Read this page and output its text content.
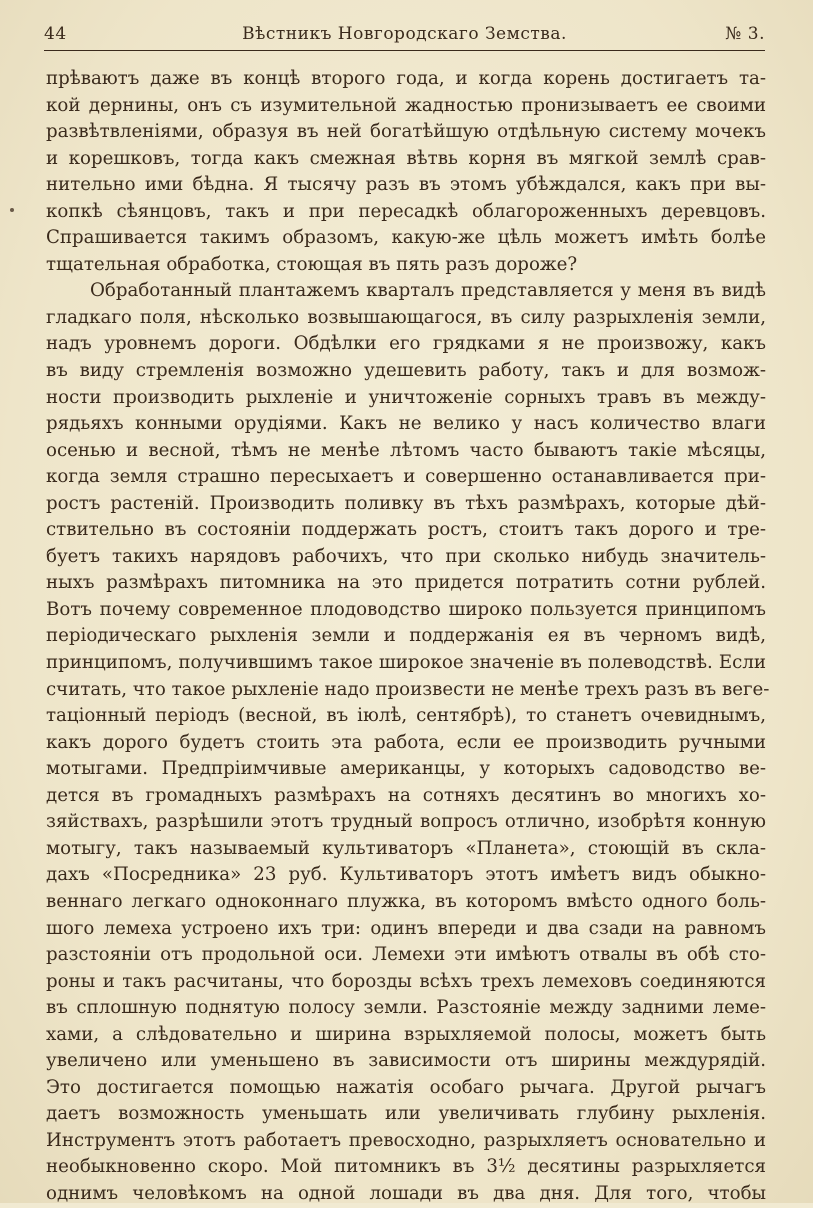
44	Вѣстникъ Новгородскаго Земства.	№ 3.
прѣваютъ даже въ концѣ второго года, и когда корень достигаетъ та-
кой дернины, онъ съ изумительной жадностью пронизываетъ ее своими
развѣтвленіями, образуя въ ней богатѣйшую отдѣльную систему мочекъ
и корешковъ, тогда какъ смежная вѣтвь корня въ мягкой землѣ срав-
нительно ими бѣдна. Я тысячу разъ въ этомъ убѣждался, какъ при вы-
копкѣ сѣянцовъ, такъ и при пересадкѣ облагороженныхъ деревцовъ.
Спрашивается такимъ образомъ, какую-же цѣль можетъ имѣть болѣе
тщательная обработка, стоющая въ пять разъ дороже?
Обработанный плантажемъ кварталъ представляется у меня въ видѣ
гладкаго поля, нѣсколько возвышающагося, въ силу разрыхленія земли,
надъ уровнемъ дороги. Обдѣлки его грядками я не произвожу, какъ
въ виду стремленія возможно удешевить работу, такъ и для возмож-
ности производить рыхленіе и уничтоженіе сорныхъ травъ въ между-
рядьяхъ конными орудіями. Какъ не велико у насъ количество влаги
осенью и весной, тѣмъ не менѣе лѣтомъ часто бываютъ такіе мѣсяцы,
когда земля страшно пересыхаетъ и совершенно останавливается при-
ростъ растеній. Производить поливку въ тѣхъ размѣрахъ, которые дѣй-
ствительно въ состояніи поддержать ростъ, стоитъ такъ дорого и тре-
буетъ такихъ нарядовъ рабочихъ, что при сколько нибудь значитель-
ныхъ размѣрахъ питомника на это придется потратить сотни рублей.
Вотъ почему современное плодоводство широко пользуется принципомъ
періодическаго рыхленія земли и поддержанія ея въ черномъ видѣ,
принципомъ, получившимъ такое широкое значеніе въ полеводствѣ. Если
считать, что такое рыхленіе надо произвести не менѣе трехъ разъ въ веге-
таціонный періодъ (весной, въ іюлѣ, сентябрѣ), то станетъ очевиднымъ,
какъ дорого будетъ стоить эта работа, если ее производить ручными
мотыгами. Предпріимчивые американцы, у которыхъ садоводство ве-
дется въ громадныхъ размѣрахъ на сотняхъ десятинъ во многихъ хо-
зяйствахъ, разрѣшили этотъ трудный вопросъ отлично, изобрѣтя конную
мотыгу, такъ называемый культиваторъ «Планета», стоющій въ скла-
дахъ «Посредника» 23 руб. Культиваторъ этотъ имѣетъ видъ обыкно-
веннаго легкаго одноконнаго плужка, въ которомъ вмѣсто одного боль-
шого лемеха устроено ихъ три: одинъ впереди и два сзади на равномъ
разстояніи отъ продольной оси. Лемехи эти имѣютъ отвалы въ обѣ сто-
роны и такъ расчитаны, что борозды всѣхъ трехъ лемеховъ соединяются
въ сплошную поднятую полосу земли. Разстояніе между задними леме-
хами, а слѣдовательно и ширина взрыхляемой полосы, можетъ быть
увеличено или уменьшено въ зависимости отъ ширины междурядій.
Это достигается помощью нажатія особаго рычага. Другой рычагъ
даетъ возможность уменьшать или увеличивать глубину рыхленія.
Инструментъ этотъ работаетъ превосходно, разрыхляетъ основательно и
необыкновенно скоро. Мой питомникъ въ 3½ десятины разрыхляется
однимъ человѣкомъ на одной лошади въ два дня. Для того, чтобы
